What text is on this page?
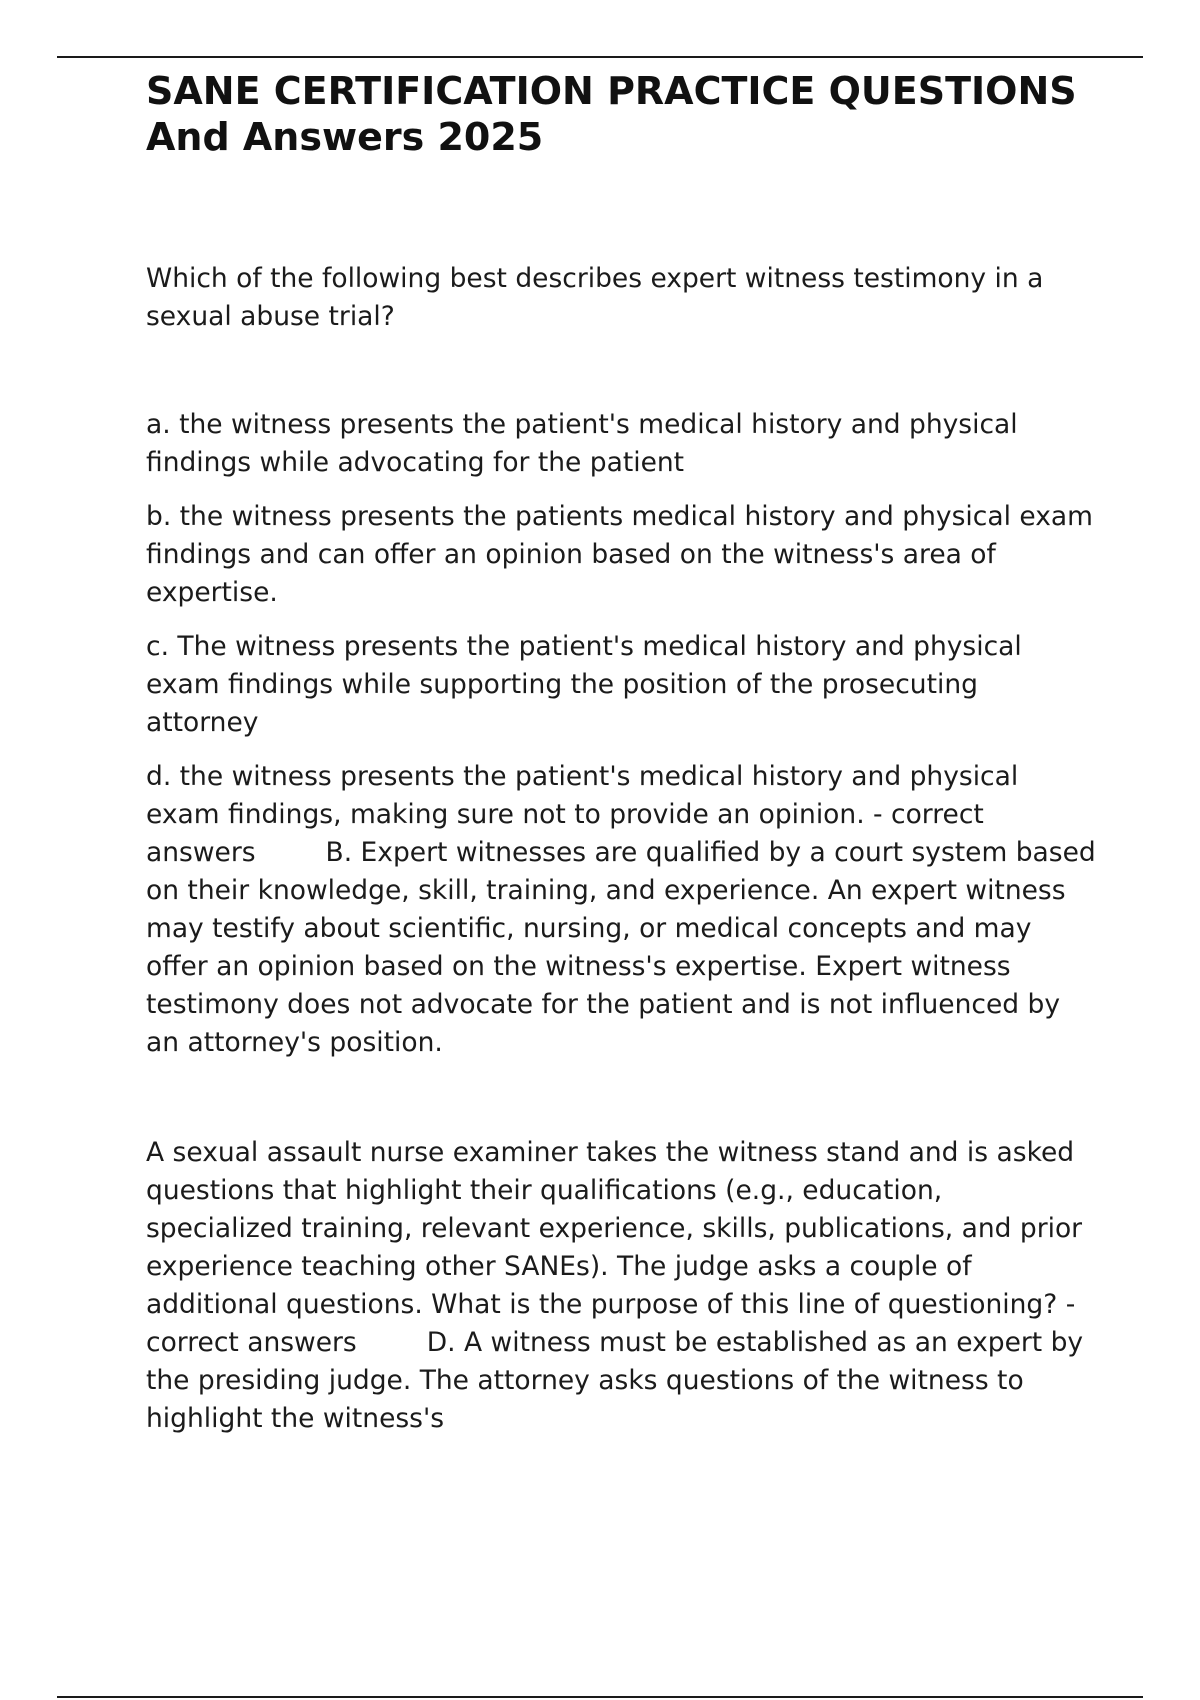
SANE CERTIFICATION PRACTICE QUESTIONS And Answers 2025

Which of the following best describes expert witness testimony in a sexual abuse trial?

a. the witness presents the patient's medical history and physical findings while advocating for the patient

b. the witness presents the patients medical history and physical exam findings and can offer an opinion based on the witness's area of expertise.

c. The witness presents the patient's medical history and physical exam findings while supporting the position of the prosecuting attorney

d. the witness presents the patient's medical history and physical exam findings, making sure not to provide an opinion. - correct answers	B. Expert witnesses are qualified by a court system based on their knowledge, skill, training, and experience. An expert witness may testify about scientific, nursing, or medical concepts and may offer an opinion based on the witness's expertise. Expert witness testimony does not advocate for the patient and is not influenced by an attorney's position.

A sexual assault nurse examiner takes the witness stand and is asked questions that highlight their qualifications (e.g., education, specialized training, relevant experience, skills, publications, and prior experience teaching other SANEs). The judge asks a couple of additional questions. What is the purpose of this line of questioning? - correct answers	D. A witness must be established as an expert by the presiding judge. The attorney asks questions of the witness to highlight the witness's
